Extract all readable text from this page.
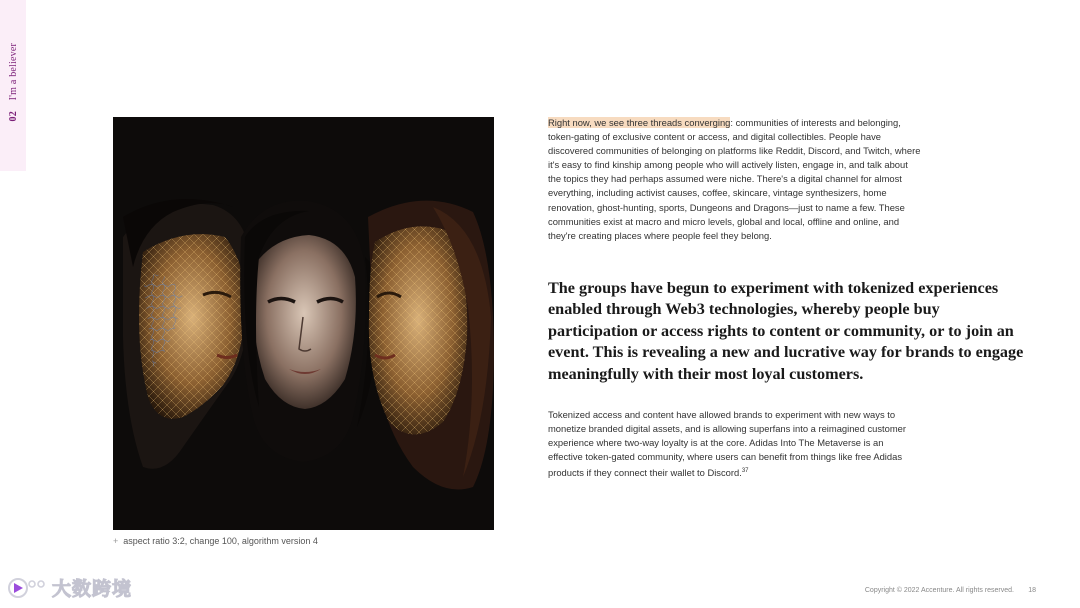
02 I'm a believer
+ aspect ratio 3:2, change 100, algorithm version 4
Right now, we see three threads converging: communities of interests and belonging, token-gating of exclusive content or access, and digital collectibles. People have discovered communities of belonging on platforms like Reddit, Discord, and Twitch, where it's easy to find kinship among people who will actively listen, engage in, and talk about the topics they had perhaps assumed were niche. There's a digital channel for almost everything, including activist causes, coffee, skincare, vintage synthesizers, home renovation, ghost-hunting, sports, Dungeons and Dragons—just to name a few. These communities exist at macro and micro levels, global and local, offline and online, and they're creating places where people feel they belong.
The groups have begun to experiment with tokenized experiences enabled through Web3 technologies, whereby people buy participation or access rights to content or community, or to join an event. This is revealing a new and lucrative way for brands to engage meaningfully with their most loyal customers.
Tokenized access and content have allowed brands to experiment with new ways to monetize branded digital assets, and is allowing superfans into a reimagined customer experience where two-way loyalty is at the core. Adidas Into The Metaverse is an effective token-gated community, where users can benefit from things like free Adidas products if they connect their wallet to Discord.$^{37}$
Copyright © 2022 Accenture. All rights reserved. 18
大数跨境
